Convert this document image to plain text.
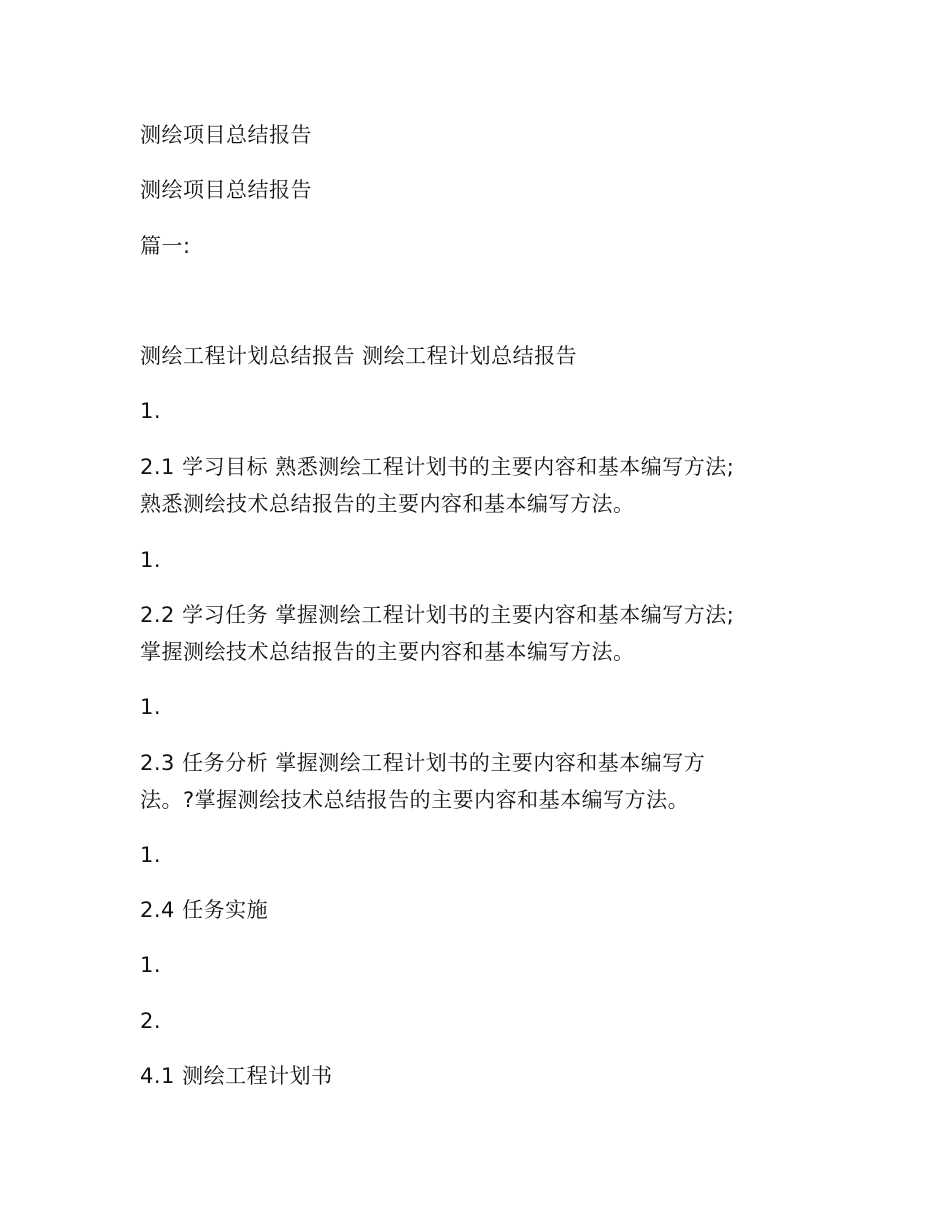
测绘项目总结报告
测绘项目总结报告
篇一:
测绘工程计划总结报告 测绘工程计划总结报告
1.
2.1 学习目标 熟悉测绘工程计划书的主要内容和基本编写方法;
熟悉测绘技术总结报告的主要内容和基本编写方法。
1.
2.2 学习任务 掌握测绘工程计划书的主要内容和基本编写方法;
掌握测绘技术总结报告的主要内容和基本编写方法。
1.
2.3 任务分析 掌握测绘工程计划书的主要内容和基本编写方
法。?掌握测绘技术总结报告的主要内容和基本编写方法。
1.
2.4 任务实施
1.
2.
4.1 测绘工程计划书
